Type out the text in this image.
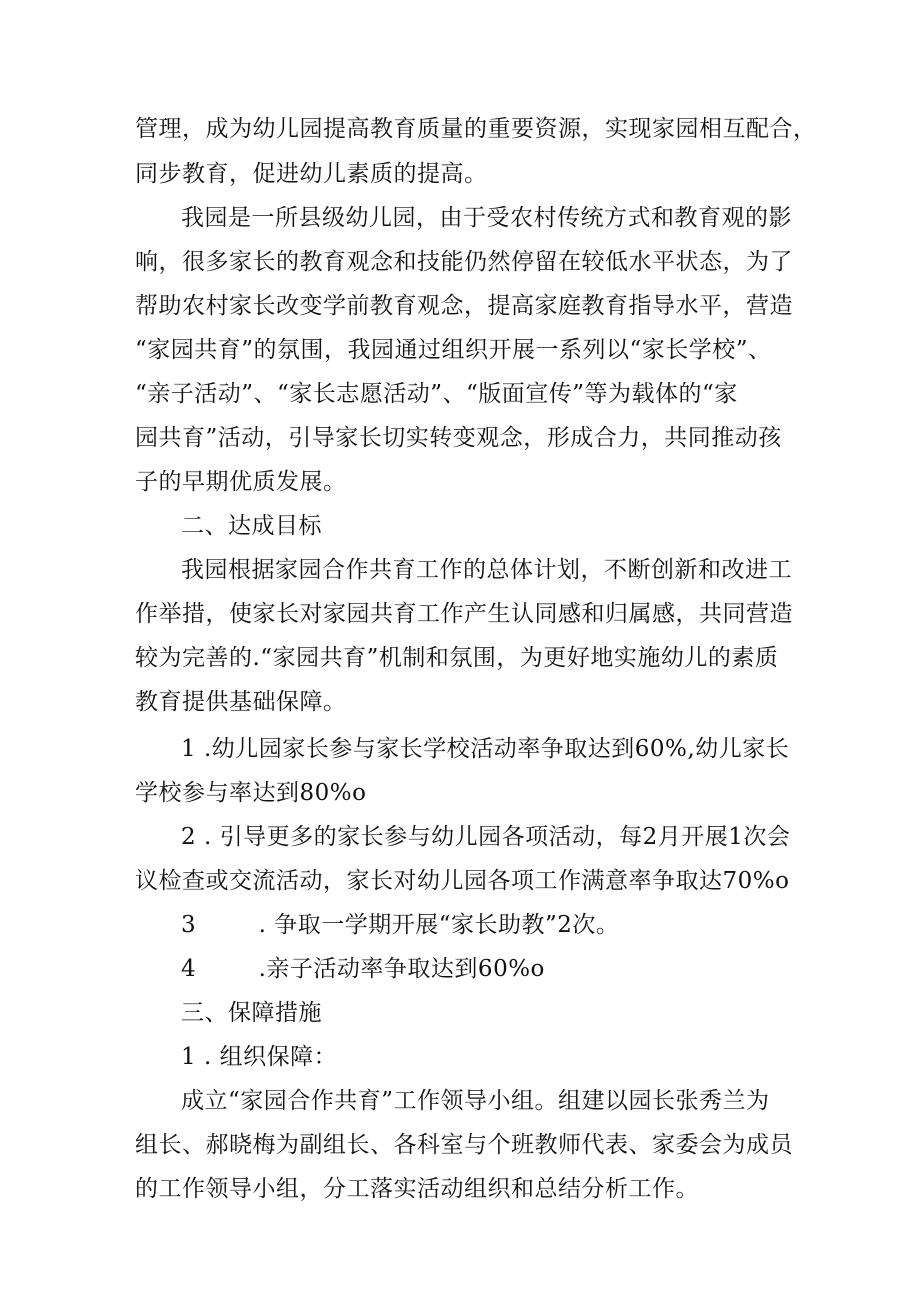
管理，成为幼儿园提高教育质量的重要资源，实现家园相互配合，
同步教育，促进幼儿素质的提高。
我园是一所县级幼儿园，由于受农村传统方式和教育观的影
响，很多家长的教育观念和技能仍然停留在较低水平状态，为了
帮助农村家长改变学前教育观念，提高家庭教育指导水平，营造
“家园共育”的氛围，我园通过组织开展一系列以“家长学校”、
“亲子活动”、“家长志愿活动”、“版面宣传”等为载体的“家
园共育”活动，引导家长切实转变观念，形成合力，共同推动孩
子的早期优质发展。
二、达成目标
我园根据家园合作共育工作的总体计划，不断创新和改进工
作举措，使家长对家园共育工作产生认同感和归属感，共同营造
较为完善的.“家园共育”机制和氛围，为更好地实施幼儿的素质
教育提供基础保障。
1 .幼儿园家长参与家长学校活动率争取达到60%,幼儿家长
学校参与率达到80%o
2 . 引导更多的家长参与幼儿园各项活动，每2月开展1次会
议检查或交流活动，家长对幼儿园各项工作满意率争取达70%o
3        . 争取一学期开展“家长助教”2次。
4        .亲子活动率争取达到60%o
三、保障措施
1 . 组织保障：
成立“家园合作共育”工作领导小组。组建以园长张秀兰为
组长、郝晓梅为副组长、各科室与个班教师代表、家委会为成员
的工作领导小组，分工落实活动组织和总结分析工作。
